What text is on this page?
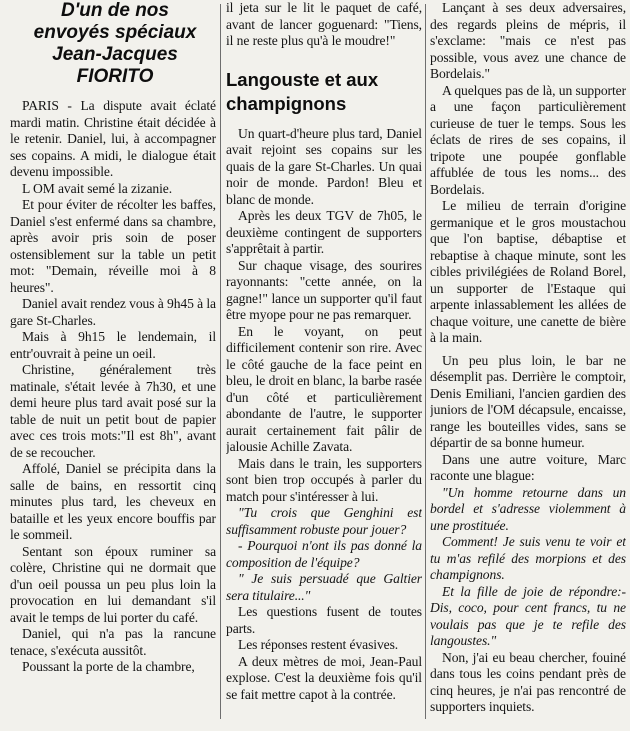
D'un de nos
envoyés spéciaux
Jean-Jacques
FIORITO

PARIS - La dispute avait éclaté mardi matin. Christine était décidée à le retenir. Daniel, lui, à accompagner ses copains. A midi, le dialogue était devenu impossible.

L OM avait semé la zizanie.

Et pour éviter de récolter les baffes, Daniel s'est enfermé dans sa chambre, après avoir pris soin de poser ostensiblement sur la table un petit mot: "Demain, réveille moi à 8 heures".

Daniel avait rendez vous à 9h45 à la gare St-Charles.

Mais à 9h15 le lendemain, il entr'ouvrait à peine un oeil.

Christine, généralement très matinale, s'était levée à 7h30, et une demi heure plus tard avait posé sur la table de nuit un petit bout de papier avec ces trois mots:"Il est 8h", avant de se recoucher.

Affolé, Daniel se précipita dans la salle de bains, en ressortit cinq minutes plus tard, les cheveux en bataille et les yeux encore bouffis par le sommeil.

Sentant son époux ruminer sa colère, Christine qui ne dormait que d'un oeil poussa un peu plus loin la provocation en lui demandant s'il avait le temps de lui porter du café.

Daniel, qui n'a pas la rancune tenace, s'exécuta aussitôt.

Poussant la porte de la chambre,

il jeta sur le lit le paquet de café, avant de lancer goguenard: "Tiens, il ne reste plus qu'à le moudre!"

Langouste et aux
champignons

Un quart-d'heure plus tard, Daniel avait rejoint ses copains sur les quais de la gare St-Charles. Un quai noir de monde. Pardon! Bleu et blanc de monde.

Après les deux TGV de 7h05, le deuxième contingent de supporters s'apprêtait à partir.

Sur chaque visage, des sourires rayonnants: "cette année, on la gagne!" lance un supporter qu'il faut être myope pour ne pas remarquer.

En le voyant, on peut difficilement contenir son rire. Avec le côté gauche de la face peint en bleu, le droit en blanc, la barbe rasée d'un côté et particulièrement abondante de l'autre, le supporter aurait certainement fait pâlir de jalousie Achille Zavata.

Mais dans le train, les supporters sont bien trop occupés à parler du match pour s'intéresser à lui.

"Tu crois que Genghini est suffisamment robuste pour jouer?

- Pourquoi n'ont ils pas donné la composition de l'équipe?

" Je suis persuadé que Galtier sera titulaire..."

Les questions fusent de toutes parts.

Les réponses restent évasives.

A deux mètres de moi, Jean-Paul explose. C'est la deuxième fois qu'il se fait mettre capot à la contrée.

Lançant à ses deux adversaires, des regards pleins de mépris, il s'exclame: "mais ce n'est pas possible, vous avez une chance de Bordelais."

A quelques pas de là, un supporter a une façon particulièrement curieuse de tuer le temps. Sous les éclats de rires de ses copains, il tripote une poupée gonflable affublée de tous les noms... des Bordelais.

Le milieu de terrain d'origine germanique et le gros moustachou que l'on baptise, débaptise et rebaptise à chaque minute, sont les cibles privilégiées de Roland Borel, un supporter de l'Estaque qui arpente inlassablement les allées de chaque voiture, une canette de bière à la main.

Un peu plus loin, le bar ne désemplit pas. Derrière le comptoir, Denis Emiliani, l'ancien gardien des juniors de l'OM décapsule, encaisse, range les bouteilles vides, sans se départir de sa bonne humeur.

Dans une autre voiture, Marc raconte une blague:

"Un homme retourne dans un bordel et s'adresse violemment à une prostituée.

Comment! Je suis venu te voir et tu m'as refilé des morpions et des champignons.

Et la fille de joie de répondre:- Dis, coco, pour cent francs, tu ne voulais pas que je te refile des langoustes."

Non, j'ai eu beau chercher, fouiné dans tous les coins pendant près de cinq heures, je n'ai pas rencontré de supporters inquiets.
